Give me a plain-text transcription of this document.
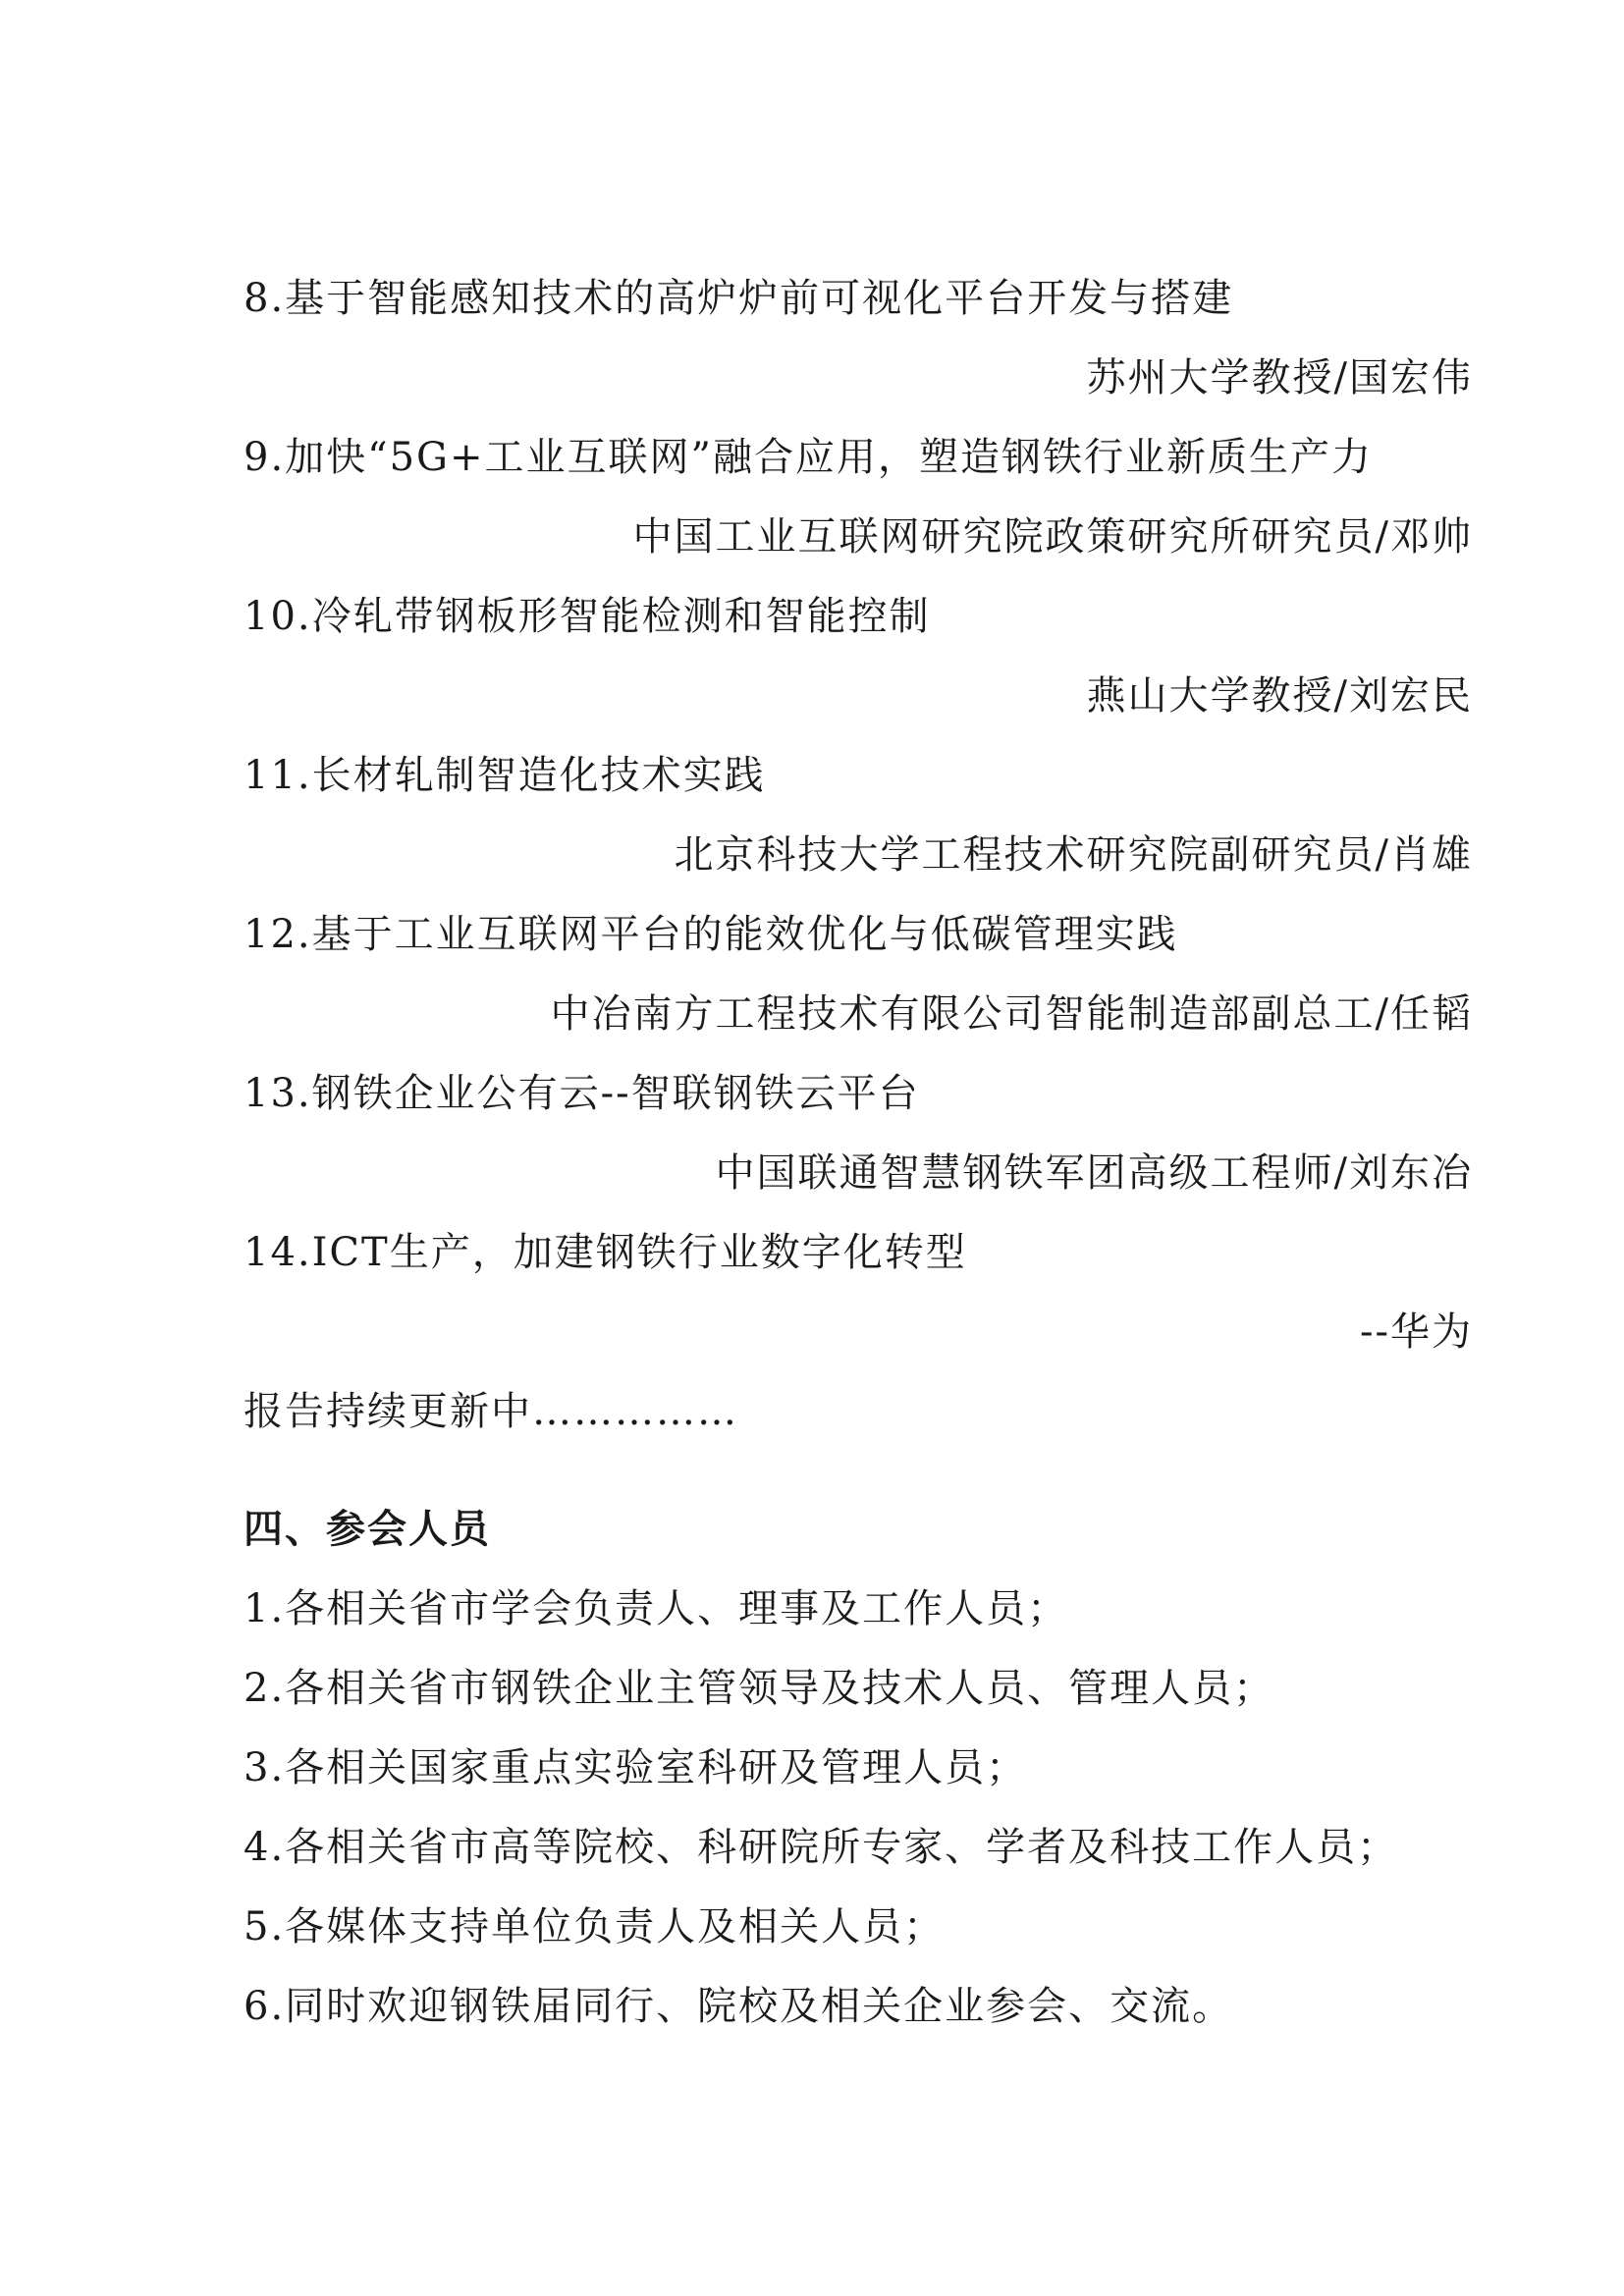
8.基于智能感知技术的高炉炉前可视化平台开发与搭建
苏州大学教授/国宏伟
9.加快“5G+工业互联网”融合应用，塑造钢铁行业新质生产力
中国工业互联网研究院政策研究所研究员/邓帅
10.冷轧带钢板形智能检测和智能控制
燕山大学教授/刘宏民
11.长材轧制智造化技术实践
北京科技大学工程技术研究院副研究员/肖雄
12.基于工业互联网平台的能效优化与低碳管理实践
中冶南方工程技术有限公司智能制造部副总工/任韬
13.钢铁企业公有云--智联钢铁云平台
中国联通智慧钢铁军团高级工程师/刘东冶
14.ICT生产，加建钢铁行业数字化转型
--华为
报告持续更新中……………
四、参会人员
1.各相关省市学会负责人、理事及工作人员；
2.各相关省市钢铁企业主管领导及技术人员、管理人员；
3.各相关国家重点实验室科研及管理人员；
4.各相关省市高等院校、科研院所专家、学者及科技工作人员；
5.各媒体支持单位负责人及相关人员；
6.同时欢迎钢铁届同行、院校及相关企业参会、交流。
